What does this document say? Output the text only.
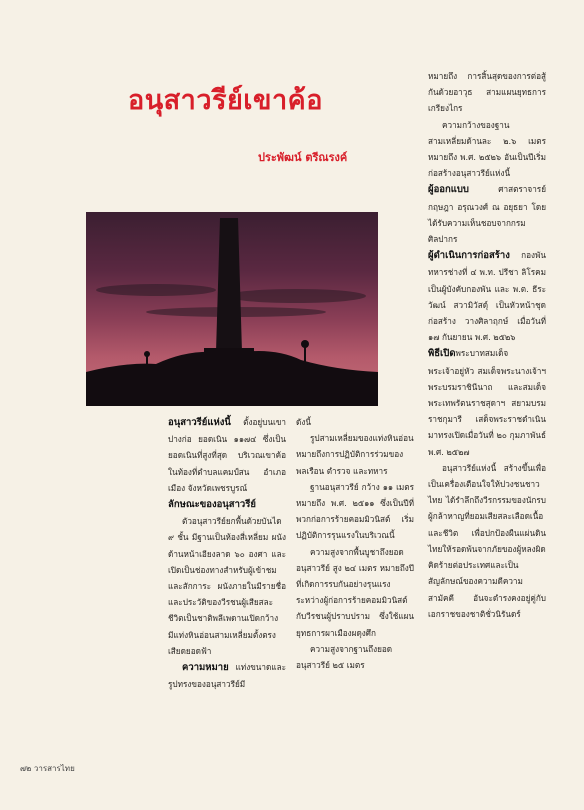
อนุสาวรีย์เขาค้อ
ประพัฒน์ ตรีณรงค์

อนุสาวรีย์แห่งนี้ ตั้งอยู่บนเขาปางก่อ ยอดเนิน ๑๑๗๔ ซึ่งเป็นยอดเนินที่สูงที่สุด บริเวณเขาค้อ ในท้องที่ตำบลแคมป์สน อำเภอเมือง จังหวัดเพชรบูรณ์

ลักษณะของอนุสาวรีย์

ตัวอนุสาวรีย์ยกพื้นด้วยบันได ๙ ชั้น มีฐานเป็นห้องสี่เหลี่ยม ผนังด้านหน้าเอียงลาด ๖๐ องศา และเปิดเป็นช่องทางสำหรับผู้เข้าชมและสักการะ ผนังภายในมีรายชื่อและประวัติของวีรชนผู้เสียสละชีวิตเป็นชาติพลีเพดานเปิดกว้าง มีแท่งหินอ่อนสามเหลี่ยมตั้งตรงเสียดยอดฟ้า

ความหมาย แท่งขนาดและรูปทรงของอนุสาวรีย์มี

ดังนี้

รูปสามเหลี่ยมของแท่งหินอ่อน หมายถึงการปฏิบัติการร่วมของพลเรือน ตำรวจ และทหาร

ฐานอนุสาวรีย์ กว้าง ๑๑ เมตร หมายถึง พ.ศ. ๒๕๑๑ ซึ่งเป็นปีที่พวกก่อการร้ายคอมมิวนิสต์ เริ่มปฏิบัติการรุนแรงในบริเวณนี้

ความสูงจากพื้นบูชาถึงยอดอนุสาวรีย์ สูง ๒๔ เมตร หมายถึงปีที่เกิดการรบกันอย่างรุนแรงระหว่างผู้ก่อการร้ายคอมมิวนิสต์ กับวีรชนผู้ปราบปราม ซึ่งใช้แผนยุทธการผาเมืองผดุงศึก

ความสูงจากฐานถึงยอดอนุสาวรีย์ ๒๕ เมตร

หมายถึง การสิ้นสุดของการต่อสู้กันด้วยอาวุธ สามแผนยุทธการเกรียงไกร

ความกว้างของฐานสามเหลี่ยมด้านละ ๒.๖ เมตร หมายถึง พ.ศ. ๒๕๒๖ อันเป็นปีเริ่มก่อสร้างอนุสาวรีย์แห่งนี้

ผู้ออกแบบ ศาสตราจารย์ กฤษฎา อรุณวงศ์ ณ อยุธยา โดยได้รับความเห็นชอบจากกรมศิลปากร

ผู้ดำเนินการก่อสร้าง กองพันทหารช่างที่ ๔ พ.ท. ปรีชา ลิโรคม เป็นผู้บังคับกองพัน และ พ.ต. ธีระวัฒน์ สวามิวัสดุ์ เป็นหัวหน้าชุดก่อสร้าง วางศิลาฤกษ์ เมื่อวันที่ ๑๗ กันยายน พ.ศ. ๒๕๒๖

พิธีเปิดพระบาทสมเด็จพระเจ้าอยู่หัว สมเด็จพระนางเจ้าฯ พระบรมราชินีนาถ และสมเด็จพระเทพรัตนราชสุดาฯ สยามบรมราชกุมารี เสด็จพระราชดำเนินมาทรงเปิดเมื่อวันที่ ๒๐ กุมภาพันธ์ พ.ศ. ๒๕๒๗

อนุสาวรีย์แห่งนี้ สร้างขึ้นเพื่อเป็นเครื่องเตือนใจให้ปวงชนชาวไทย ได้รำลึกถึงวีรกรรมของนักรบผู้กล้าหาญที่ยอมเสียสละเลือดเนื้อและชีวิต เพื่อปกป้องผืนแผ่นดินไทยให้รอดพ้นจากภัยของผู้หลงผิด คิดร้ายต่อประเทศและเป็นสัญลักษณ์ของความดีความสามัคคี อันจะดำรงคงอยู่คู่กับเอกราชของชาติชั่วนิรันดร์

๗๒ วารสารไทย
